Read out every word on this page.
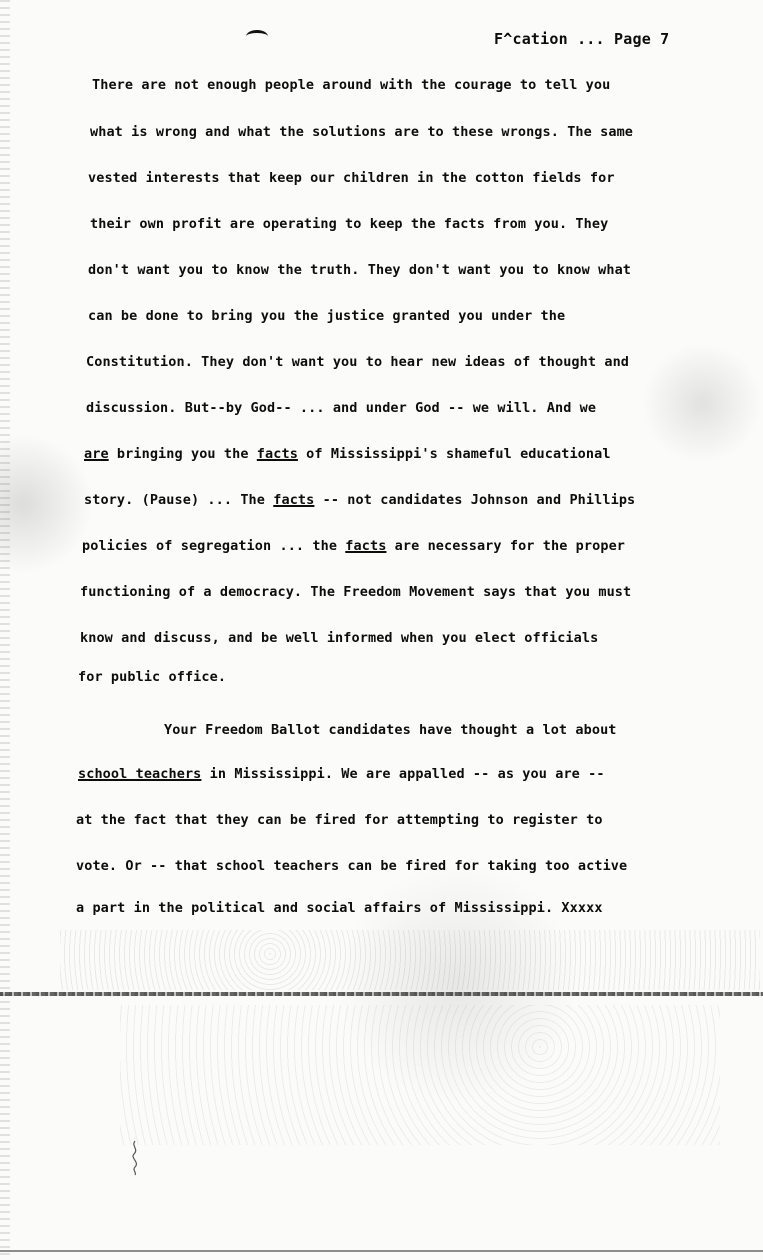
F^cation ... Page 7
There are not enough people around with the courage to tell you
what is wrong and what the solutions are to these wrongs. The same
vested interests that keep our children in the cotton fields for
their own profit are operating to keep the facts from you. They
don't want you to know the truth. They don't want you to know what
can be done to bring you the justice granted you under the
Constitution. They don't want you to hear new ideas of thought and
discussion. But--by God-- ... and under God -- we will. And we
are bringing you the facts of Mississippi's shameful educational
story. (Pause) ... The facts -- not candidates Johnson and Phillips
policies of segregation ... the facts are necessary for the proper
functioning of a democracy. The Freedom Movement says that you must
know and discuss, and be well informed when you elect officials
for public office.
Your Freedom Ballot candidates have thought a lot about
school teachers in Mississippi. We are appalled -- as you are --
at the fact that they can be fired for attempting to register to
vote. Or -- that school teachers can be fired for taking too active
a part in the political and social affairs of Mississippi. Xxxxx
